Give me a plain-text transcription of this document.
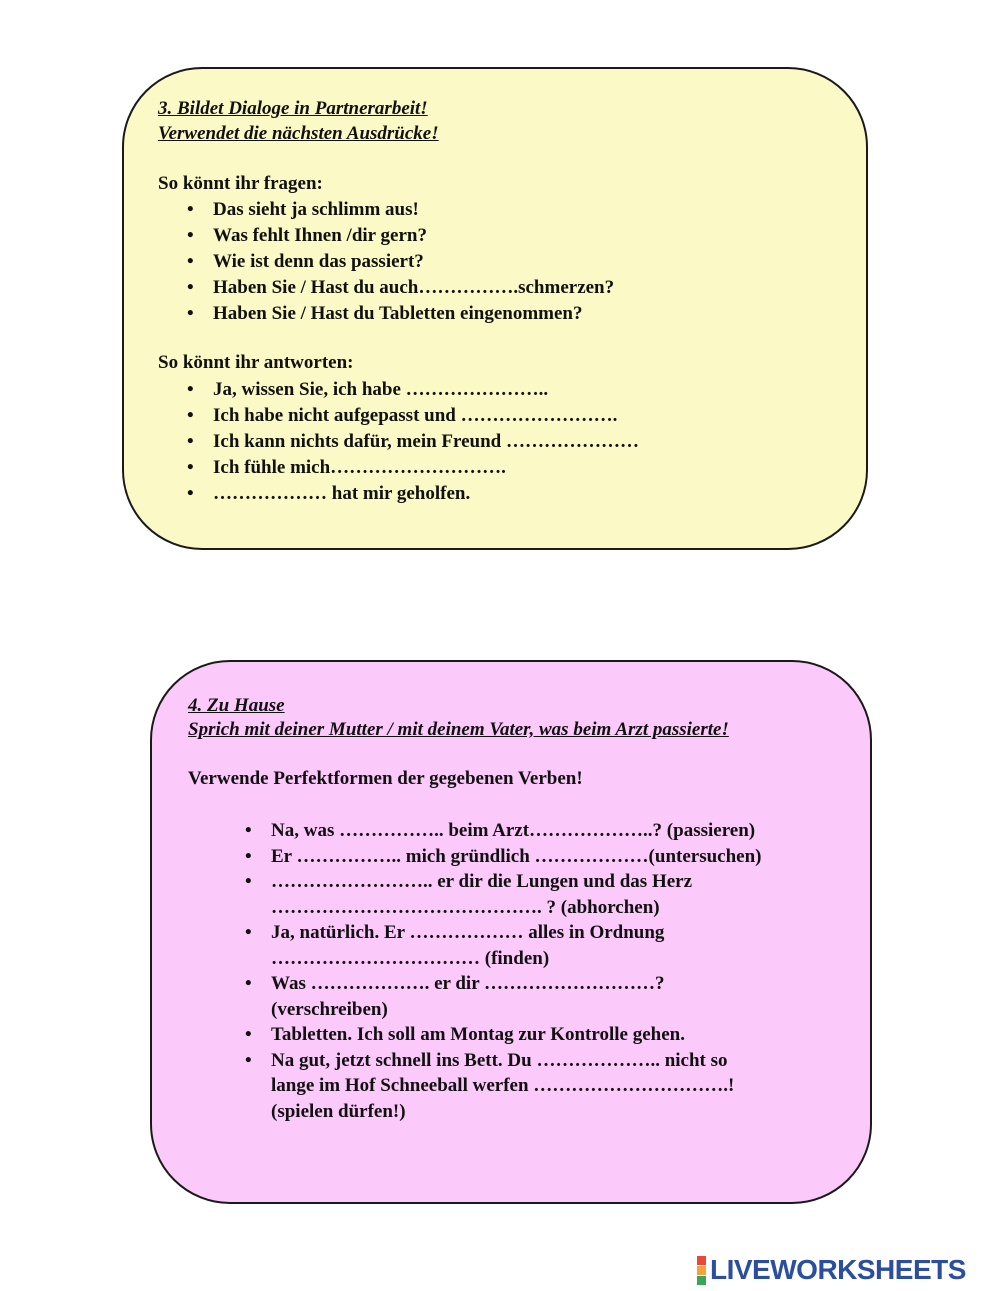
3. Bildet Dialoge in Partnerarbeit!
Verwendet die nächsten Ausdrücke!
So könnt ihr fragen:
• Das sieht ja schlimm aus!
• Was fehlt Ihnen /dir gern?
• Wie ist denn das passiert?
• Haben Sie / Hast du auch…………….schmerzen?
• Haben Sie / Hast du Tabletten eingenommen?
So könnt ihr antworten:
• Ja, wissen Sie, ich habe …………………..
• Ich habe nicht aufgepasst und …………………….
• Ich kann nichts dafür, mein Freund …………………
• Ich fühle mich……………………….
• ……………… hat mir geholfen.
4. Zu Hause
Sprich mit deiner Mutter / mit deinem Vater, was beim Arzt passierte!
Verwende Perfektformen der gegebenen Verben!
• Na, was …………….. beim Arzt………………..? (passieren)
• Er …………….. mich gründlich ………………(untersuchen)
• …………………….. er dir die Lungen und das Herz
……………………………………. ? (abhorchen)
• Ja, natürlich. Er ……………… alles in Ordnung
…………………………… (finden)
• Was ………………. er dir ………………………?
(verschreiben)
• Tabletten. Ich soll am Montag zur Kontrolle gehen.
• Na gut, jetzt schnell ins Bett. Du ……………….. nicht so
lange im Hof Schneeball werfen ………………………….!
(spielen dürfen!)
LIVEWORKSHEETS
